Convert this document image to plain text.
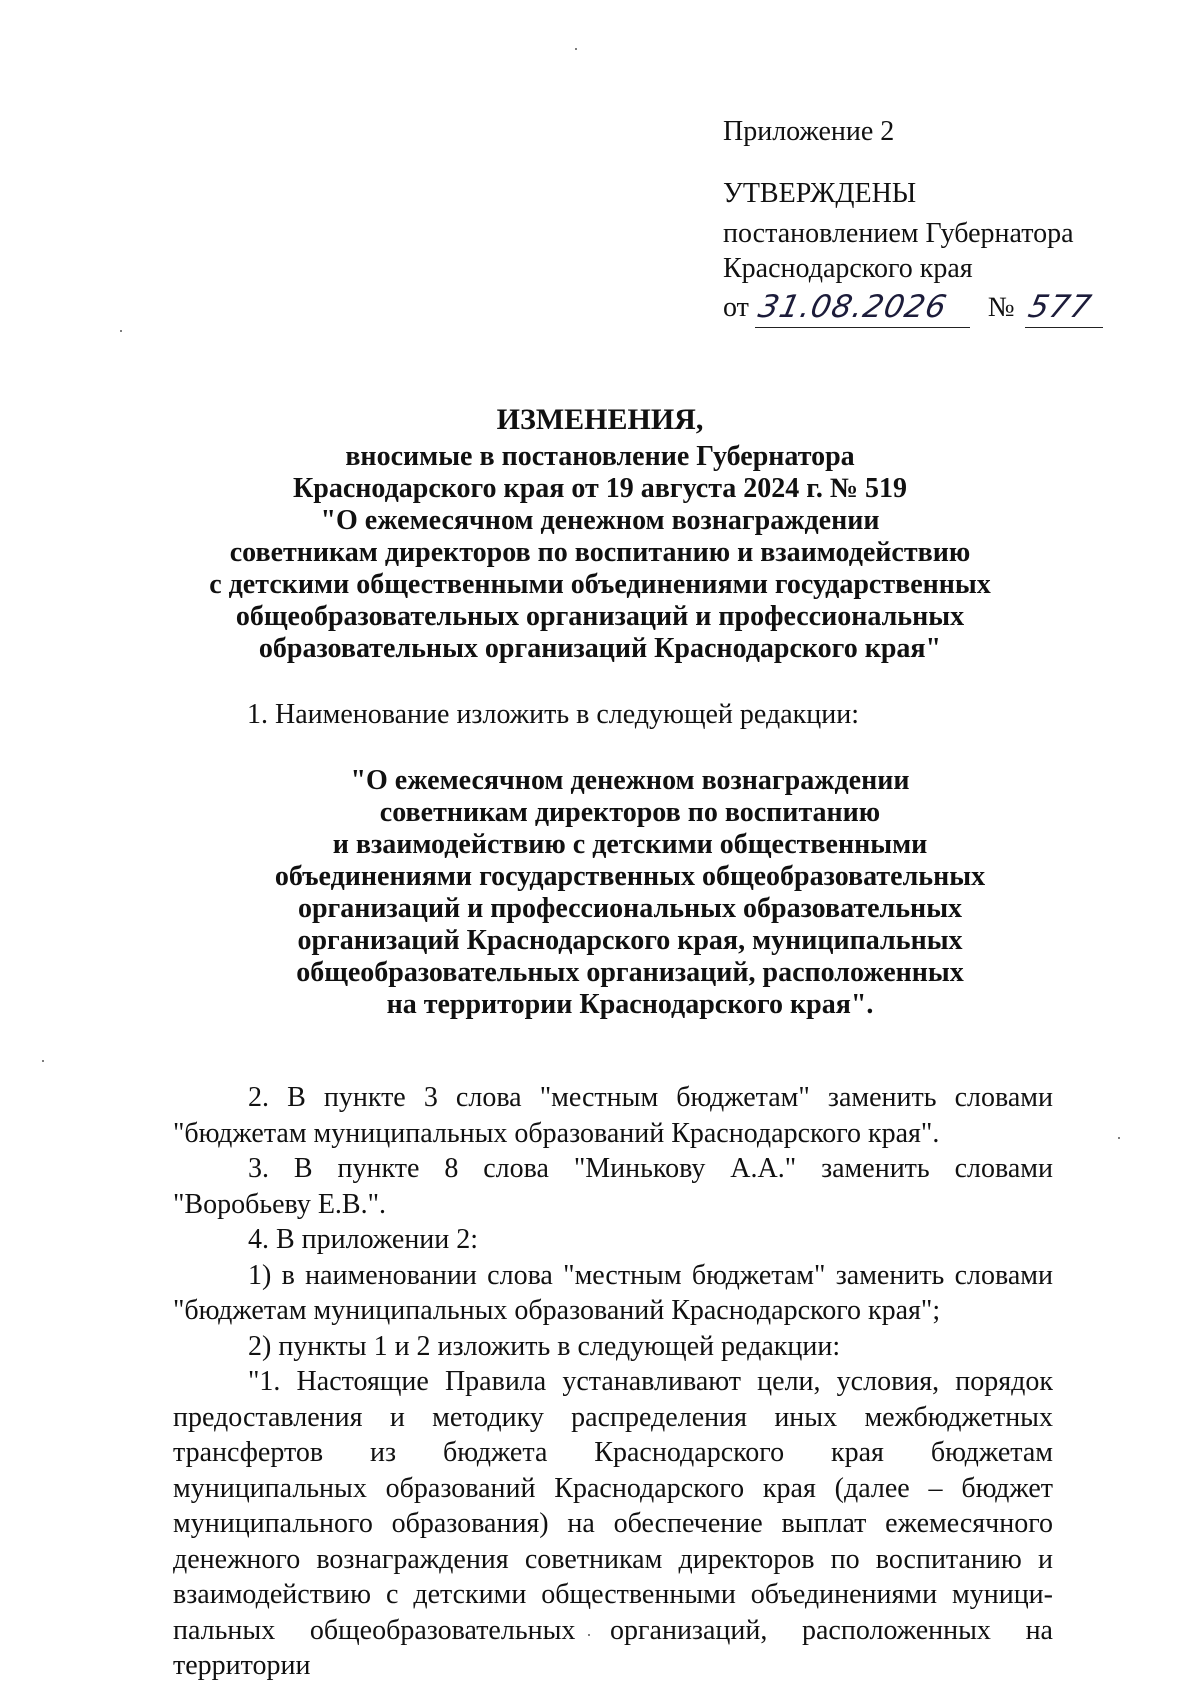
Приложение 2
УТВЕРЖДЕНЫ
постановлением Губернатора
Краснодарского края
от 31.08.2026 № 577
ИЗМЕНЕНИЯ,
вносимые в постановление Губернатора
Краснодарского края от 19 августа 2024 г. № 519
"О ежемесячном денежном вознаграждении
советникам директоров по воспитанию и взаимодействию
с детскими общественными объединениями государственных
общеобразовательных организаций и профессиональных
образовательных организаций Краснодарского края"
1. Наименование изложить в следующей редакции:
"О ежемесячном денежном вознаграждении
советникам директоров по воспитанию
и взаимодействию с детскими общественными
объединениями государственных общеобразовательных
организаций и профессиональных образовательных
организаций Краснодарского края, муниципальных
общеобразовательных организаций, расположенных
на территории Краснодарского края".

2. В пункте 3 слова "местным бюджетам" заменить словами "бюджетам муниципальных образований Краснодарского края".

3. В пункте 8 слова "Минькову А.А." заменить словами "Воробьеву Е.В.".

4. В приложении 2:

1) в наименовании слова "местным бюджетам" заменить словами "бюджетам муниципальных образований Краснодарского края";

2) пункты 1 и 2 изложить в следующей редакции:

"1. Настоящие Правила устанавливают цели, условия, порядок предоставления и методику распределения иных межбюджетных трансфертов из бюджета Краснодарского края бюджетам муниципальных образований Краснодарского края (далее – бюджет муниципального образования) на обеспечение выплат ежемесячного денежного вознаграждения советникам директоров по воспитанию и взаимодействию с детскими общественными объединениями муниципальных общеобразовательных организаций, расположенных на территории
